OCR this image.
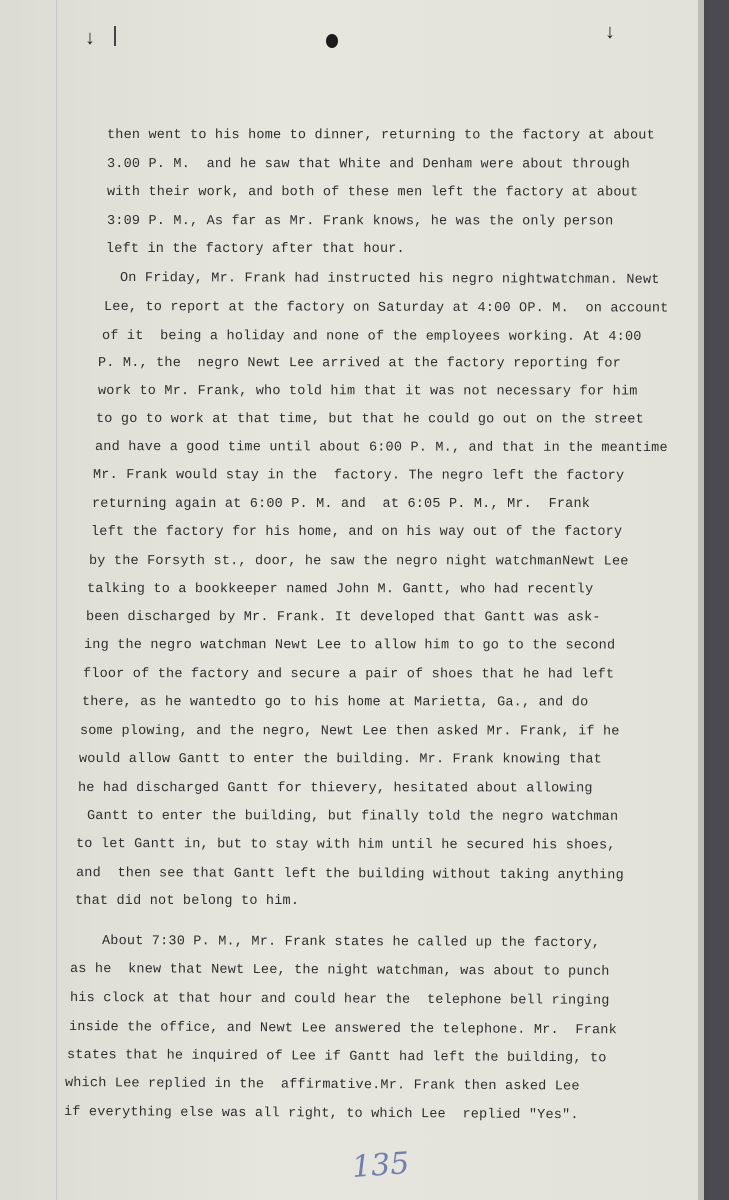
↓	↓
then went to his home to dinner, returning to the factory at about
3.00 P. M.  and he saw that White and Denham were about through
with their work, and both of these men left the factory at about
3:09 P. M., As far as Mr. Frank knows, he was the only person
left in the factory after that hour.
On Friday, Mr. Frank had instructed his negro nightwatchman. Newt
Lee, to report at the factory on Saturday at 4:00 OP. M.  on account
of it  being a holiday and none of the employees working. At 4:00
P. M., the  negro Newt Lee arrived at the factory reporting for
work to Mr. Frank, who told him that it was not necessary for him
to go to work at that time, but that he could go out on the street
and have a good time until about 6:00 P. M., and that in the meantime
Mr. Frank would stay in the  factory. The negro left the factory
returning again at 6:00 P. M. and  at 6:05 P. M., Mr.  Frank
left the factory for his home, and on his way out of the factory
by the Forsyth st., door, he saw the negro night watchmanNewt Lee
talking to a bookkeeper named John M. Gantt, who had recently
been discharged by Mr. Frank. It developed that Gantt was ask-
ing the negro watchman Newt Lee to allow him to go to the second
floor of the factory and secure a pair of shoes that he had left
there, as he wantedto go to his home at Marietta, Ga., and do
some plowing, and the negro, Newt Lee then asked Mr. Frank, if he
would allow Gantt to enter the building. Mr. Frank knowing that
he had discharged Gantt for thievery, hesitated about allowing
Gantt to enter the building, but finally told the negro watchman
to let Gantt in, but to stay with him until he secured his shoes,
and  then see that Gantt left the building without taking anything
that did not belong to him.
About 7:30 P. M., Mr. Frank states he called up the factory,
as he  knew that Newt Lee, the night watchman, was about to punch
his clock at that hour and could hear the  telephone bell ringing
inside the office, and Newt Lee answered the telephone. Mr.  Frank
states that he inquired of Lee if Gantt had left the building, to
which Lee replied in the  affirmative.Mr. Frank then asked Lee
if everything else was all right, to which Lee  replied "Yes".
135
